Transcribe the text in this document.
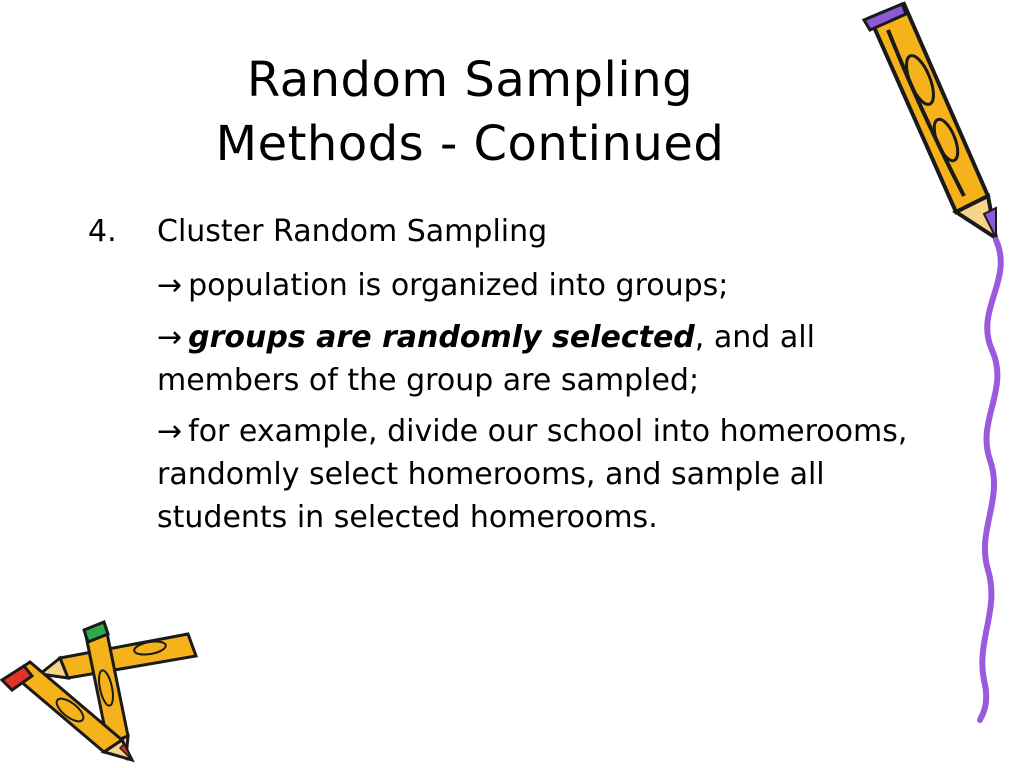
Random Sampling
Methods - Continued
4. Cluster Random Sampling
→ population is organized into groups;
→ groups are randomly selected, and all members of the group are sampled;
→ for example, divide our school into homerooms, randomly select homerooms, and sample all students in selected homerooms.
